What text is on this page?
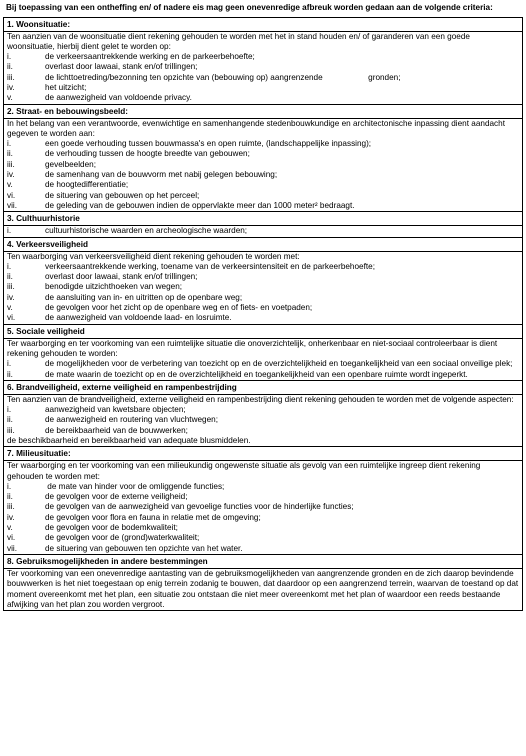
Bij toepassing van een ontheffing en/ of nadere eis mag geen onevenredige afbreuk worden gedaan aan de volgende criteria:
1. Woonsituatie:

Ten aanzien van de woonsituatie dient rekening gehouden te worden met het in stand houden en/ of garanderen van een goede woonsituatie, hierbij dient gelet te worden op:
i.	de verkeersaantrekkende werking en de parkeerbehoefte;
ii.	overlast door lawaai, stank en/of trillingen;
iii.	de lichttoetreding/bezonning ten opzichte van (bebouwing op) aangrenzende                    gronden;
iv.	het uitzicht;
v.	de aanwezigheid van voldoende privacy.

2. Straat- en bebouwingsbeeld:

In het belang van een verantwoorde, evenwichtige en samenhangende stedenbouwkundige en architectonische inpassing dient aandacht gegeven te worden aan:
i.	een goede verhouding tussen bouwmassa's en open ruimte, (landschappelijke inpassing);
ii.	de verhouding tussen de hoogte breedte van gebouwen;
iii.	gevelbeelden;
iv.	de samenhang van de bouwvorm met nabij gelegen bebouwing;
v.	de hoogtedifferentiatie;
vi.	de situering van gebouwen op het perceel;
vii.	de geleding van de gebouwen indien de oppervlakte meer dan 1000 meter² bedraagt.

3. Culthuurhistorie

i.	cultuurhistorische waarden en archeologische waarden;

4. Verkeersveiligheid

Ten waarborging van verkeersveiligheid dient rekening gehouden te worden met:
i.	verkeersaantrekkende werking, toename van de verkeersintensiteit en de parkeerbehoefte;
ii.	overlast door lawaai, stank en/of trillingen;
iii.	benodigde uitzichthoeken van wegen;
iv.	de aansluiting van in- en uitritten op de openbare weg;
v.	de gevolgen voor het zicht op de openbare weg en of fiets- en voetpaden;
vi.	de aanwezigheid van voldoende laad- en losruimte.

5. Sociale veiligheid

Ter waarborging en ter voorkoming van een ruimtelijke situatie die onoverzichtelijk, onherkenbaar en niet-sociaal controleerbaar is dient rekening gehouden te worden:
i.	de mogelijkheden voor de verbetering van toezicht op en de overzichtelijkheid en toegankelijkheid van een sociaal onveilige plek;
ii.	de mate waarin de toezicht op en de overzichtelijkheid en toegankelijkheid van een openbare ruimte wordt ingeperkt.

6. Brandveiligheid, externe veiligheid en rampenbestrijding

Ten aanzien van de brandveiligheid, externe veiligheid en rampenbestrijding dient rekening gehouden te worden met de volgende aspecten:
i.	aanwezigheid van kwetsbare objecten;
ii.	de aanwezigheid en routering van vluchtwegen;
iii.	de bereikbaarheid van de bouwwerken;
de beschikbaarheid en bereikbaarheid van adequate blusmiddelen.

7. Milieusituatie:

Ter waarborging en ter voorkoming van een milieukundig ongewenste situatie als gevolg van een ruimtelijke ingreep dient rekening gehouden te worden met:
i.	de mate van hinder voor de omliggende functies;
ii.	de gevolgen voor de externe veiligheid;
iii.	de gevolgen van de aanwezigheid van gevoelige functies voor de hinderlijke functies;
iv.	de gevolgen voor flora en fauna in relatie met de omgeving;
v.	de gevolgen voor de bodemkwaliteit;
vi.	de gevolgen voor de (grond)waterkwaliteit;
vii.	de situering van gebouwen ten opzichte van het water.

8. Gebruiksmogelijkheden in andere bestemmingen

Ter voorkoming van een onevenredige aantasting van de gebruiksmogelijkheden van aangrenzende gronden en de zich daarop bevindende bouwwerken is het niet toegestaan op enig terrein zodanig te bouwen, dat daardoor op een aangrenzend terrein, waarvan de toestand op dat moment overeenkomt met het plan, een situatie zou ontstaan die niet meer overeenkomt met het plan of waardoor een reeds bestaande afwijking van het plan zou worden vergroot.
